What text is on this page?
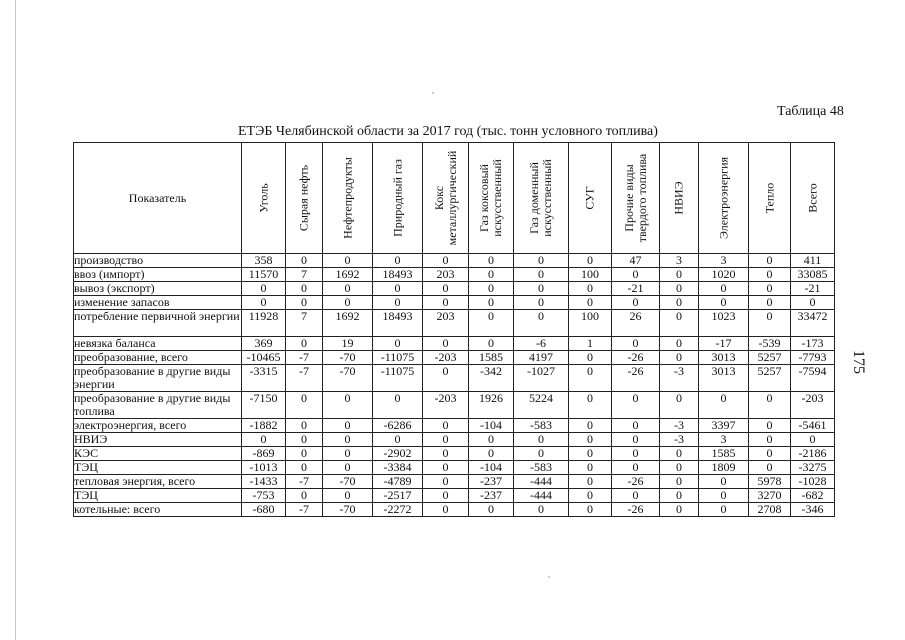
Таблица 48
ЕТЭБ Челябинской области за 2017 год (тыс. тонн условного топлива)
175
Показатель	Уголь	Сырая нефть	Нефтепродукты	Природный газ	Кокс металлургический	Газ коксовый искусственный	Газ доменный искусственный	СУГ	Прочие виды твердого топлива	НВИЭ	Электроэнергия	Тепло	Всего

производство	358	0	0	0	0	0	0	0	47	3	3	0	411
ввоз (импорт)	11570	7	1692	18493	203	0	0	100	0	0	1020	0	33085
вывоз (экспорт)	0	0	0	0	0	0	0	0	-21	0	0	0	-21
изменение запасов	0	0	0	0	0	0	0	0	0	0	0	0	0
потребление первичной энергии	11928	7	1692	18493	203	0	0	100	26	0	1023	0	33472
невязка баланса	369	0	19	0	0	0	-6	1	0	0	-17	-539	-173
преобразование, всего	-10465	-7	-70	-11075	-203	1585	4197	0	-26	0	3013	5257	-7793
преобразование в другие виды энергии	-3315	-7	-70	-11075	0	-342	-1027	0	-26	-3	3013	5257	-7594
преобразование в другие виды топлива	-7150	0	0	0	-203	1926	5224	0	0	0	0	0	-203
электроэнергия, всего	-1882	0	0	-6286	0	-104	-583	0	0	-3	3397	0	-5461
НВИЭ	0	0	0	0	0	0	0	0	0	-3	3	0	0
КЭС	-869	0	0	-2902	0	0	0	0	0	0	1585	0	-2186
ТЭЦ	-1013	0	0	-3384	0	-104	-583	0	0	0	1809	0	-3275
тепловая энергия, всего	-1433	-7	-70	-4789	0	-237	-444	0	-26	0	0	5978	-1028
ТЭЦ	-753	0	0	-2517	0	-237	-444	0	0	0	0	3270	-682
котельные: всего	-680	-7	-70	-2272	0	0	0	0	-26	0	0	2708	-346
